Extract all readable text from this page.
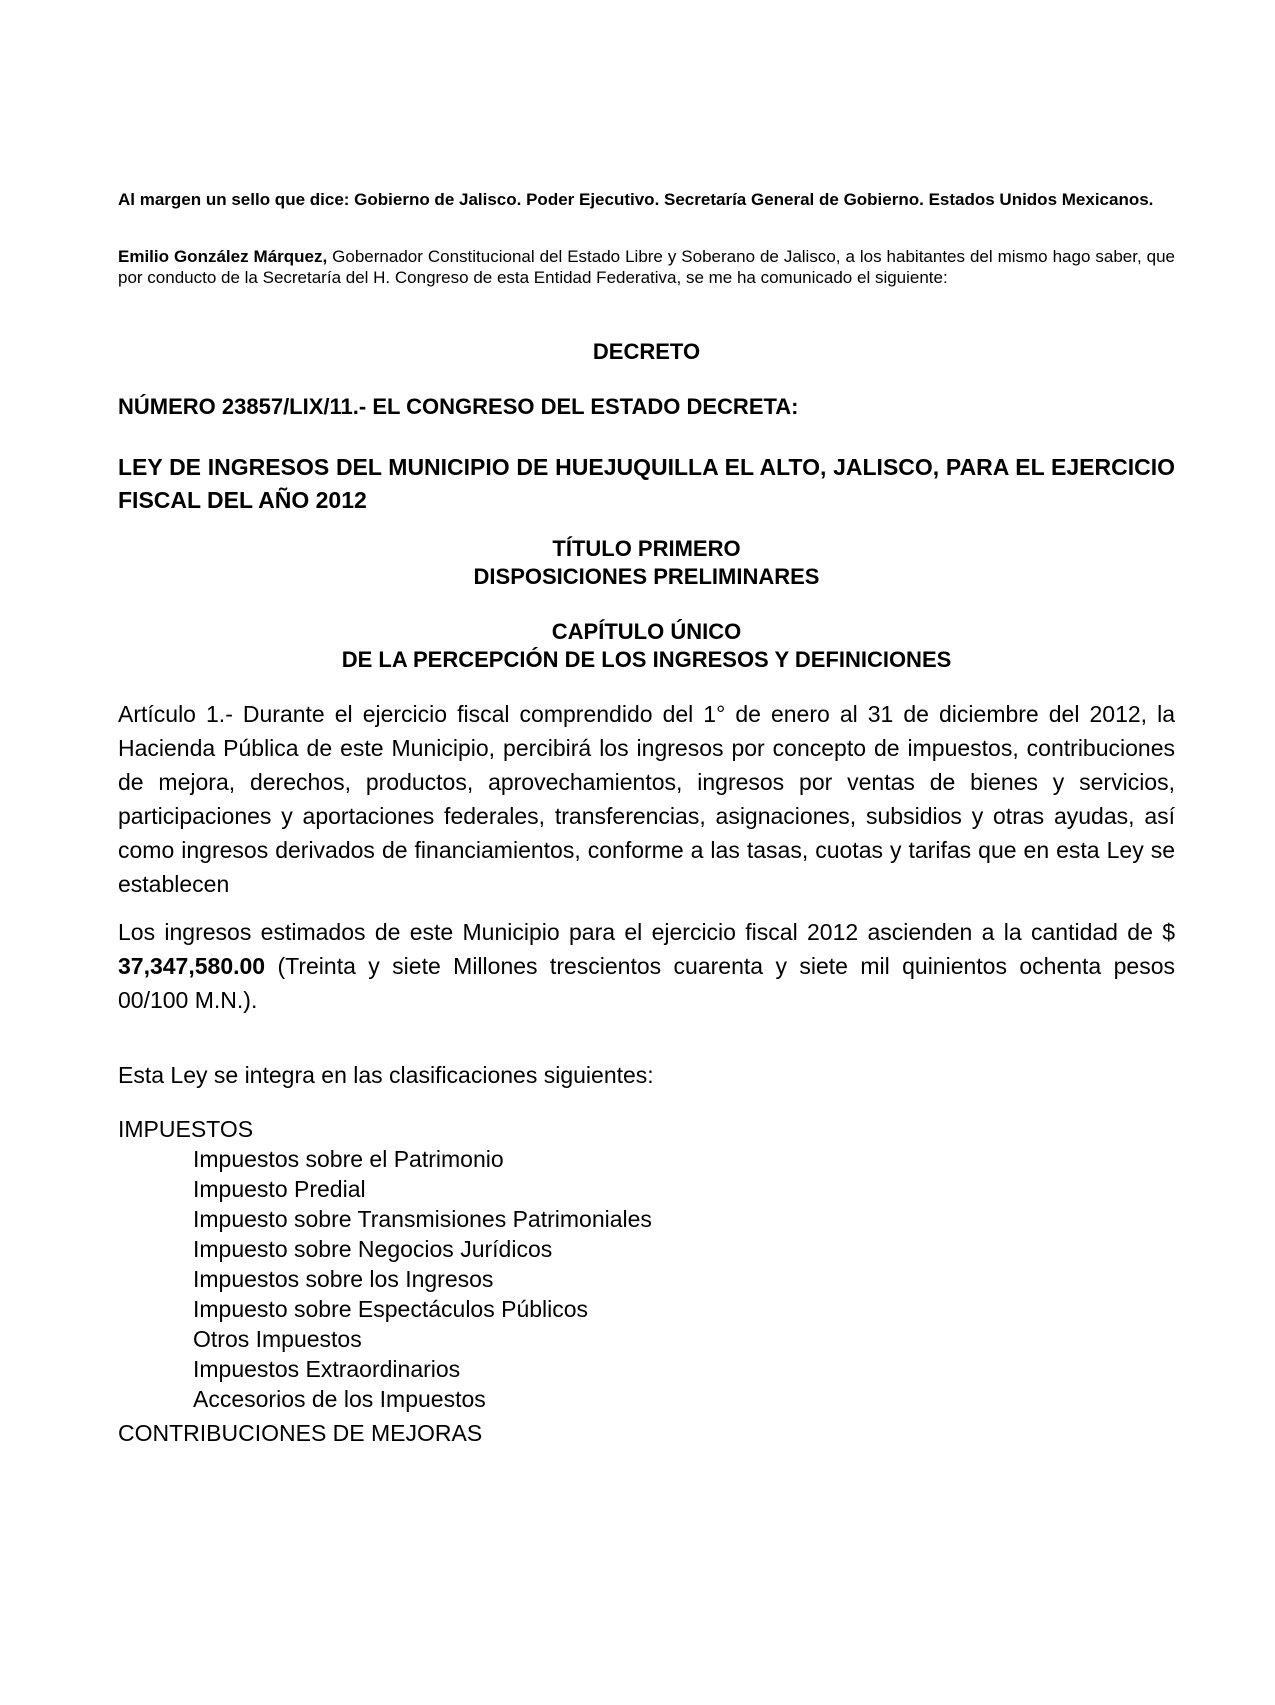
Al margen un sello que dice: Gobierno de Jalisco. Poder Ejecutivo. Secretaría General de Gobierno. Estados Unidos Mexicanos.

Emilio González Márquez, Gobernador Constitucional del Estado Libre y Soberano de Jalisco, a los habitantes del mismo hago saber, que por conducto de la Secretaría del H. Congreso de esta Entidad Federativa, se me ha comunicado el siguiente:

DECRETO

NÚMERO 23857/LIX/11.- EL CONGRESO DEL ESTADO DECRETA:

LEY DE INGRESOS DEL MUNICIPIO DE HUEJUQUILLA EL ALTO, JALISCO, PARA EL EJERCICIO FISCAL DEL AÑO 2012

TÍTULO PRIMERO

DISPOSICIONES PRELIMINARES

CAPÍTULO ÚNICO

DE LA PERCEPCIÓN DE LOS INGRESOS Y DEFINICIONES

Artículo 1.- Durante el ejercicio fiscal comprendido del 1° de enero al 31 de diciembre del 2012, la Hacienda Pública de este Municipio, percibirá los ingresos por concepto de impuestos, contribuciones de mejora, derechos, productos, aprovechamientos, ingresos por ventas de bienes y servicios, participaciones y aportaciones federales, transferencias, asignaciones, subsidios y otras ayudas, así como ingresos derivados de financiamientos, conforme a las tasas, cuotas y tarifas que en esta Ley se establecen

Los ingresos estimados de este Municipio para el ejercicio fiscal 2012 ascienden a la cantidad de $ 37,347,580.00 (Treinta y siete Millones trescientos cuarenta y siete mil quinientos ochenta pesos 00/100 M.N.).

Esta Ley se integra en las clasificaciones siguientes:

IMPUESTOS
Impuestos sobre el Patrimonio
Impuesto Predial
Impuesto sobre Transmisiones Patrimoniales
Impuesto sobre Negocios Jurídicos
Impuestos sobre los Ingresos
Impuesto sobre Espectáculos Públicos
Otros Impuestos
Impuestos Extraordinarios
Accesorios de los Impuestos

CONTRIBUCIONES DE MEJORAS
